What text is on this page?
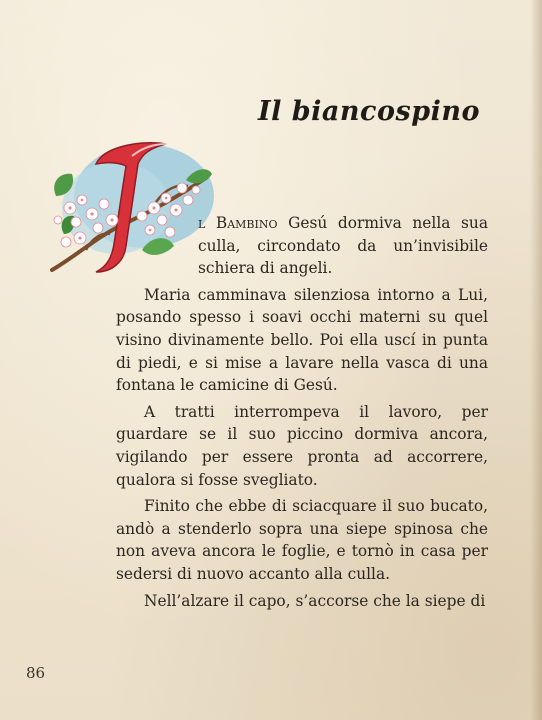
Il biancospino

l Bambino Gesú dormiva nella sua culla, circondato da un’invisibile schiera di angeli.

Maria camminava silenziosa intorno a Lui, posando spesso i soavi occhi materni su quel visino divinamente bello. Poi ella uscí in punta di piedi, e si mise a lavare nella vasca di una fontana le camicine di Gesú.

A tratti interrompeva il lavoro, per guardare se il suo piccino dormiva ancora, vigilando per essere pronta ad accorrere, qualora si fosse svegliato.

Finito che ebbe di sciacquare il suo bucato, andò a stenderlo sopra una siepe spinosa che non aveva ancora le foglie, e tornò in casa per sedersi di nuovo accanto alla culla.

Nell’alzare il capo, s’accorse che la siepe di

86
